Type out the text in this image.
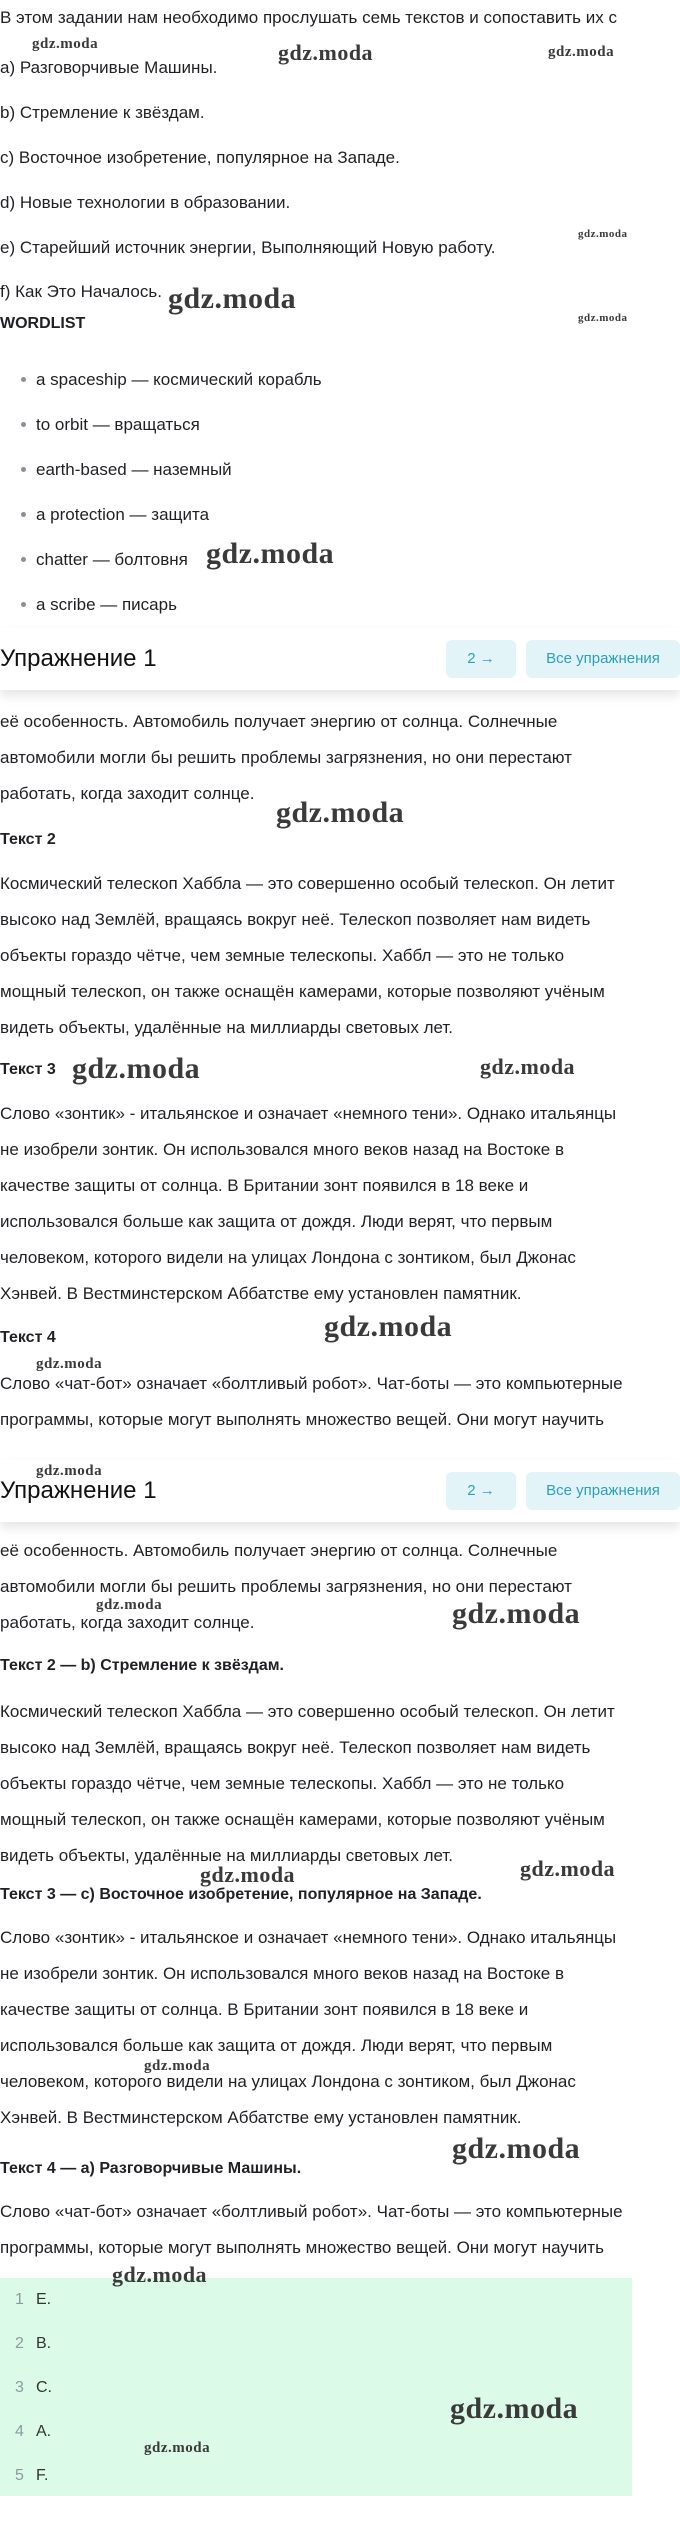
В этом задании нам необходимо прослушать семь текстов и сопоставить их с
a) Разговорчивые Машины.
b) Стремление к звёздам.
c) Восточное изобретение, популярное на Западе.
d) Новые технологии в образовании.
e) Старейший источник энергии, Выполняющий Новую работу.
f) Как Это Началось.
WORDLIST
a spaceship — космический корабль
to orbit — вращаться
earth-based — наземный
a protection — защита
chatter — болтовня
a scribe — писарь
Упражнение 1	2 →	Все упражнения
её особенность. Автомобиль получает энергию от солнца. Солнечные
автомобили могли бы решить проблемы загрязнения, но они перестают
работать, когда заходит солнце.
Текст 2
Космический телескоп Хаббла — это совершенно особый телескоп. Он летит
высоко над Землёй, вращаясь вокруг неё. Телескоп позволяет нам видеть
объекты гораздо чётче, чем земные телескопы. Хаббл — это не только
мощный телескоп, он также оснащён камерами, которые позволяют учёным
видеть объекты, удалённые на миллиарды световых лет.
Текст 3
Слово «зонтик» - итальянское и означает «немного тени». Однако итальянцы
не изобрели зонтик. Он использовался много веков назад на Востоке в
качестве защиты от солнца. В Британии зонт появился в 18 веке и
использовался больше как защита от дождя. Люди верят, что первым
человеком, которого видели на улицах Лондона с зонтиком, был Джонас
Хэнвей. В Вестминстерском Аббатстве ему установлен памятник.
Текст 4
Слово «чат-бот» означает «болтливый робот». Чат-боты — это компьютерные
программы, которые могут выполнять множество вещей. Они могут научить
Упражнение 1	2 →	Все упражнения
её особенность. Автомобиль получает энергию от солнца. Солнечные
автомобили могли бы решить проблемы загрязнения, но они перестают
работать, когда заходит солнце.
Текст 2 — b) Стремление к звёздам.
Космический телескоп Хаббла — это совершенно особый телескоп. Он летит
высоко над Землёй, вращаясь вокруг неё. Телескоп позволяет нам видеть
объекты гораздо чётче, чем земные телескопы. Хаббл — это не только
мощный телескоп, он также оснащён камерами, которые позволяют учёным
видеть объекты, удалённые на миллиарды световых лет.
Текст 3 — c) Восточное изобретение, популярное на Западе.
Слово «зонтик» - итальянское и означает «немного тени». Однако итальянцы
не изобрели зонтик. Он использовался много веков назад на Востоке в
качестве защиты от солнца. В Британии зонт появился в 18 веке и
использовался больше как защита от дождя. Люди верят, что первым
человеком, которого видели на улицах Лондона с зонтиком, был Джонас
Хэнвей. В Вестминстерском Аббатстве ему установлен памятник.
Текст 4 — a) Разговорчивые Машины.
Слово «чат-бот» означает «болтливый робот». Чат-боты — это компьютерные
программы, которые могут выполнять множество вещей. Они могут научить
1 E.
2 B.
3 C.
4 A.
5 F.
gdz.moda	gdz.moda	gdz.moda
gdz.moda
gdz.moda
gdz.moda
gdz.moda
gdz.moda
gdz.moda	gdz.moda
gdz.moda
gdz.moda
gdz.moda
gdz.moda	gdz.moda
gdz.moda	gdz.moda
gdz.moda
gdz.moda
gdz.moda
gdz.moda
gdz.moda
